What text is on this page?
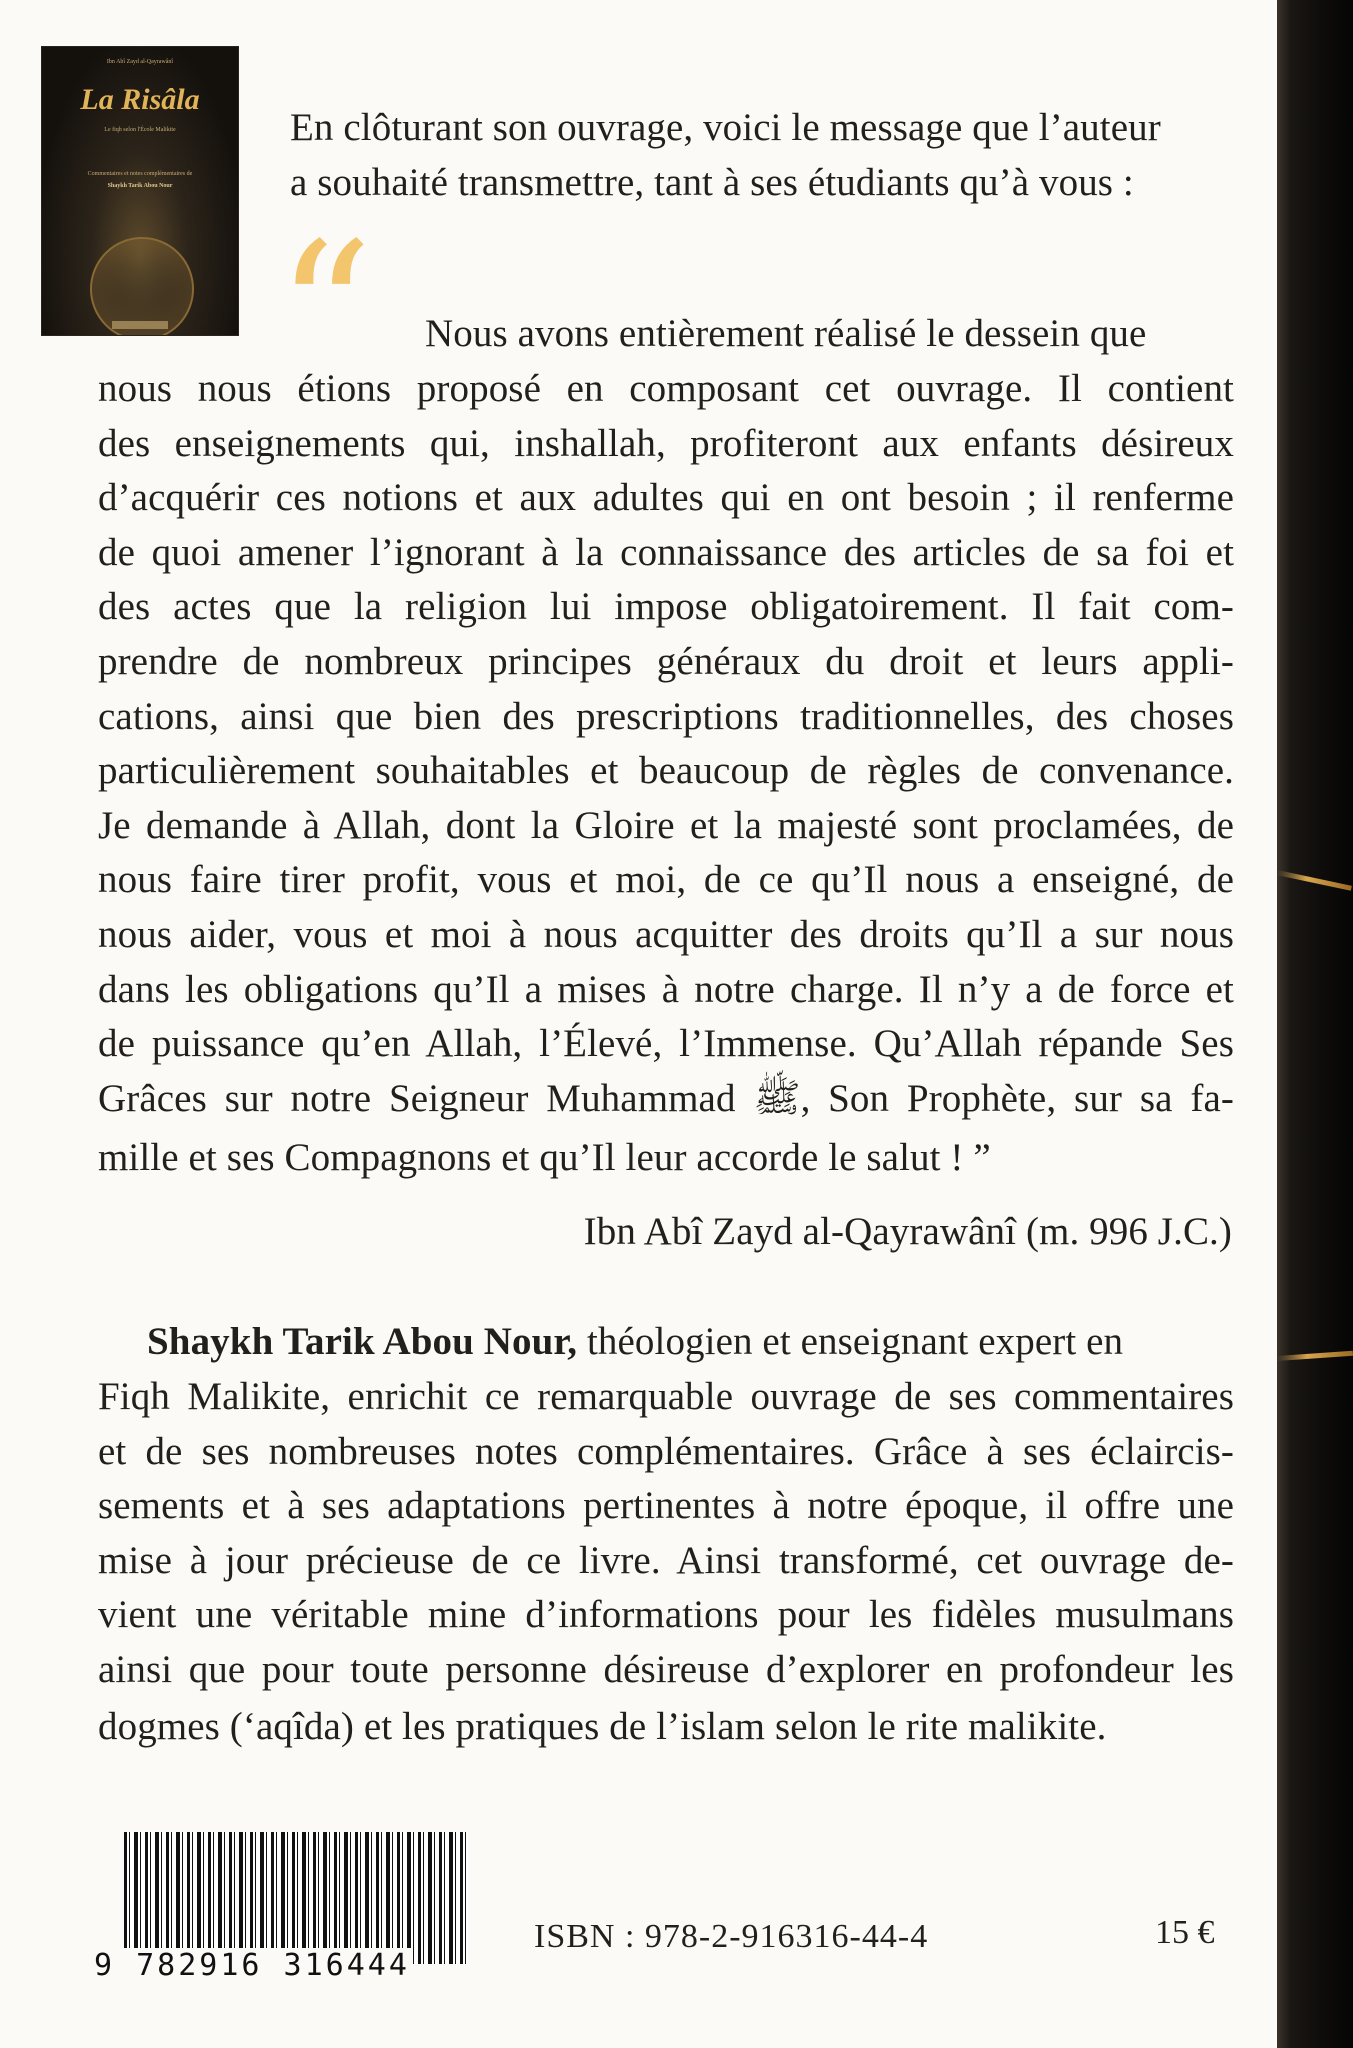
Ibn Abî Zayd al-Qayrawânî
La Risâla
Le fiqh selon l'École Malikite
Commentaires et notes complémentaires de
Shaykh Tarik Abou Nour
En clôturant son ouvrage, voici le message que l’auteur
a souhaité transmettre, tant à ses étudiants qu’à vous :
“ Nous avons entièrement réalisé le dessein que
nous nous étions proposé en composant cet ouvrage. Il contient
des enseignements qui, inshallah, profiteront aux enfants désireux
d’acquérir ces notions et aux adultes qui en ont besoin ; il renferme
de quoi amener l’ignorant à la connaissance des articles de sa foi et
des actes que la religion lui impose obligatoirement. Il fait com-
prendre de nombreux principes généraux du droit et leurs appli-
cations, ainsi que bien des prescriptions traditionnelles, des choses
particulièrement souhaitables et beaucoup de règles de convenance.
Je demande à Allah, dont la Gloire et la majesté sont proclamées, de
nous faire tirer profit, vous et moi, de ce qu’Il nous a enseigné, de
nous aider, vous et moi à nous acquitter des droits qu’Il a sur nous
dans les obligations qu’Il a mises à notre charge. Il n’y a de force et
de puissance qu’en Allah, l’Élevé, l’Immense. Qu’Allah répande Ses
Grâces sur notre Seigneur Muhammad ﷺ, Son Prophète, sur sa fa-
mille et ses Compagnons et qu’Il leur accorde le salut ! ”
Ibn Abî Zayd al-Qayrawânî (m. 996 J.C.)
Shaykh Tarik Abou Nour, théologien et enseignant expert en
Fiqh Malikite, enrichit ce remarquable ouvrage de ses commentaires
et de ses nombreuses notes complémentaires. Grâce à ses éclaircis-
sements et à ses adaptations pertinentes à notre époque, il offre une
mise à jour précieuse de ce livre. Ainsi transformé, cet ouvrage de-
vient une véritable mine d’informations pour les fidèles musulmans
ainsi que pour toute personne désireuse d’explorer en profondeur les
dogmes (‘aqîda) et les pratiques de l’islam selon le rite malikite.
9 782916 316444
ISBN : 978-2-916316-44-4	15 €
